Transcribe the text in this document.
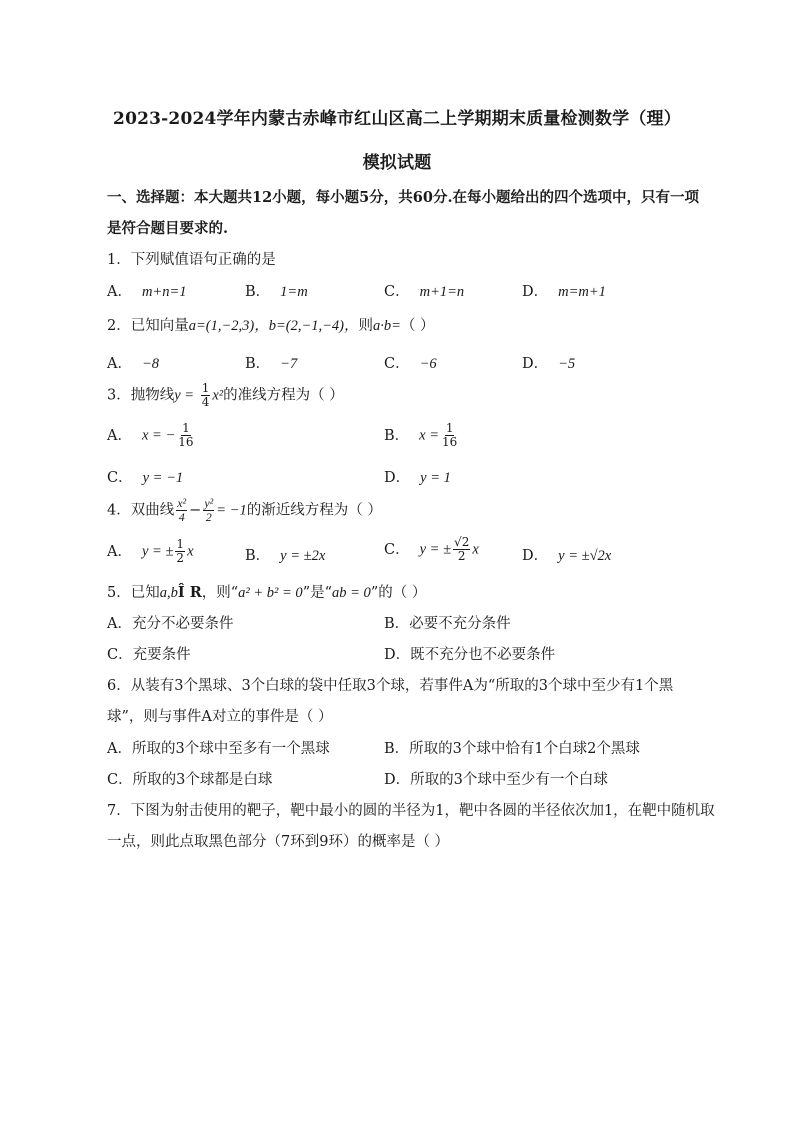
2023-2024学年内蒙古赤峰市红山区高二上学期期末质量检测数学（理）
模拟试题
一、选择题：本大题共12小题，每小题5分，共60分.在每小题给出的四个选项中，只有一项
是符合题目要求的.
1．下列赋值语句正确的是
A． m+n=1	B． 1=m	C． m+1=n	D． m=m+1
2．已知向量a=(1,−2,3)，b=(2,−1,−4)，则a·b=（ ）
A． −8	B． −7	C． −6	D． −5
3．抛物线$y = \frac{1}{4} x^2$的准线方程为（ ）
A． x = − $\frac{1}{16}$	B． $x = \frac{1}{16}$
C． y = −1	D． y = 1
4．双曲线 $\frac{\text{x²}}{4} - \frac{\text{y²}}{2} = -1$的渐近线方程为（ ）
A． y = ± $\frac{1}{2}$ x	B． y = ±2x	C． y = ± $\frac{√2}{2}$ x	D． y = ±√2x
5．已知a,bÎ R，则“a² + b² = 0”是“ab = 0”的（ ）
A．充分不必要条件	B．必要不充分条件
C．充要条件	D．既不充分也不必要条件
6．从装有3个黑球、3个白球的袋中任取3个球，若事件A为“所取的3个球中至少有1个黑
球”，则与事件A对立的事件是（ ）
A．所取的3个球中至多有一个黑球	B．所取的3个球中恰有1个白球2个黑球
C．所取的3个球都是白球	D．所取的3个球中至少有一个白球
7．下图为射击使用的靶子，靶中最小的圆的半径为1，靶中各圆的半径依次加1，在靶中随机取
一点，则此点取黑色部分（7环到9环）的概率是（ ）
